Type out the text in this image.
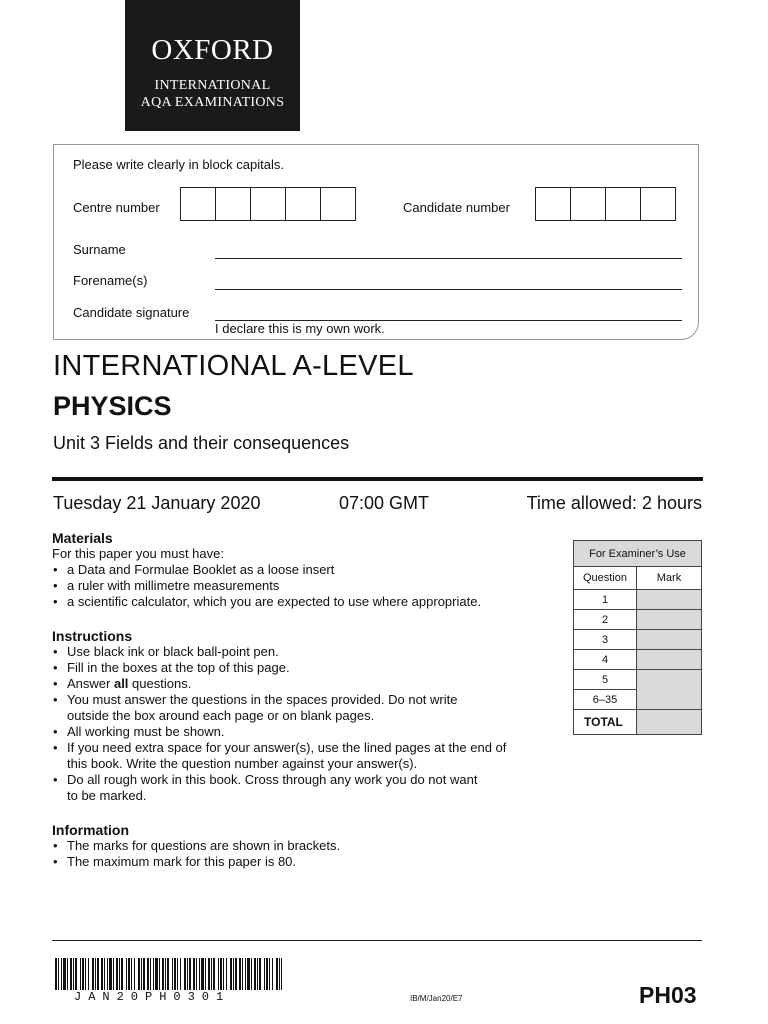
OXFORD
INTERNATIONAL
AQA EXAMINATIONS
Please write clearly in block capitals.
Centre number	Candidate number
Surname
Forename(s)
Candidate signature
I declare this is my own work.
INTERNATIONAL A-LEVEL
PHYSICS
Unit 3 Fields and their consequences
Tuesday 21 January 2020	07:00 GMT	Time allowed: 2 hours
Materials
For this paper you must have:
• a Data and Formulae Booklet as a loose insert
• a ruler with millimetre measurements
• a scientific calculator, which you are expected to use where appropriate.
Instructions
• Use black ink or black ball-point pen.
• Fill in the boxes at the top of this page.
• Answer all questions.
• You must answer the questions in the spaces provided. Do not write
outside the box around each page or on blank pages.
• All working must be shown.
• If you need extra space for your answer(s), use the lined pages at the end of
this book. Write the question number against your answer(s).
• Do all rough work in this book. Cross through any work you do not want
to be marked.
Information
• The marks for questions are shown in brackets.
• The maximum mark for this paper is 80.
For Examiner’s Use	
Question	Mark
1	
2	
3	
4	
5	
6–35	
TOTAL	
JAN20PH0301	IB/M/Jan20/E7	PH03
